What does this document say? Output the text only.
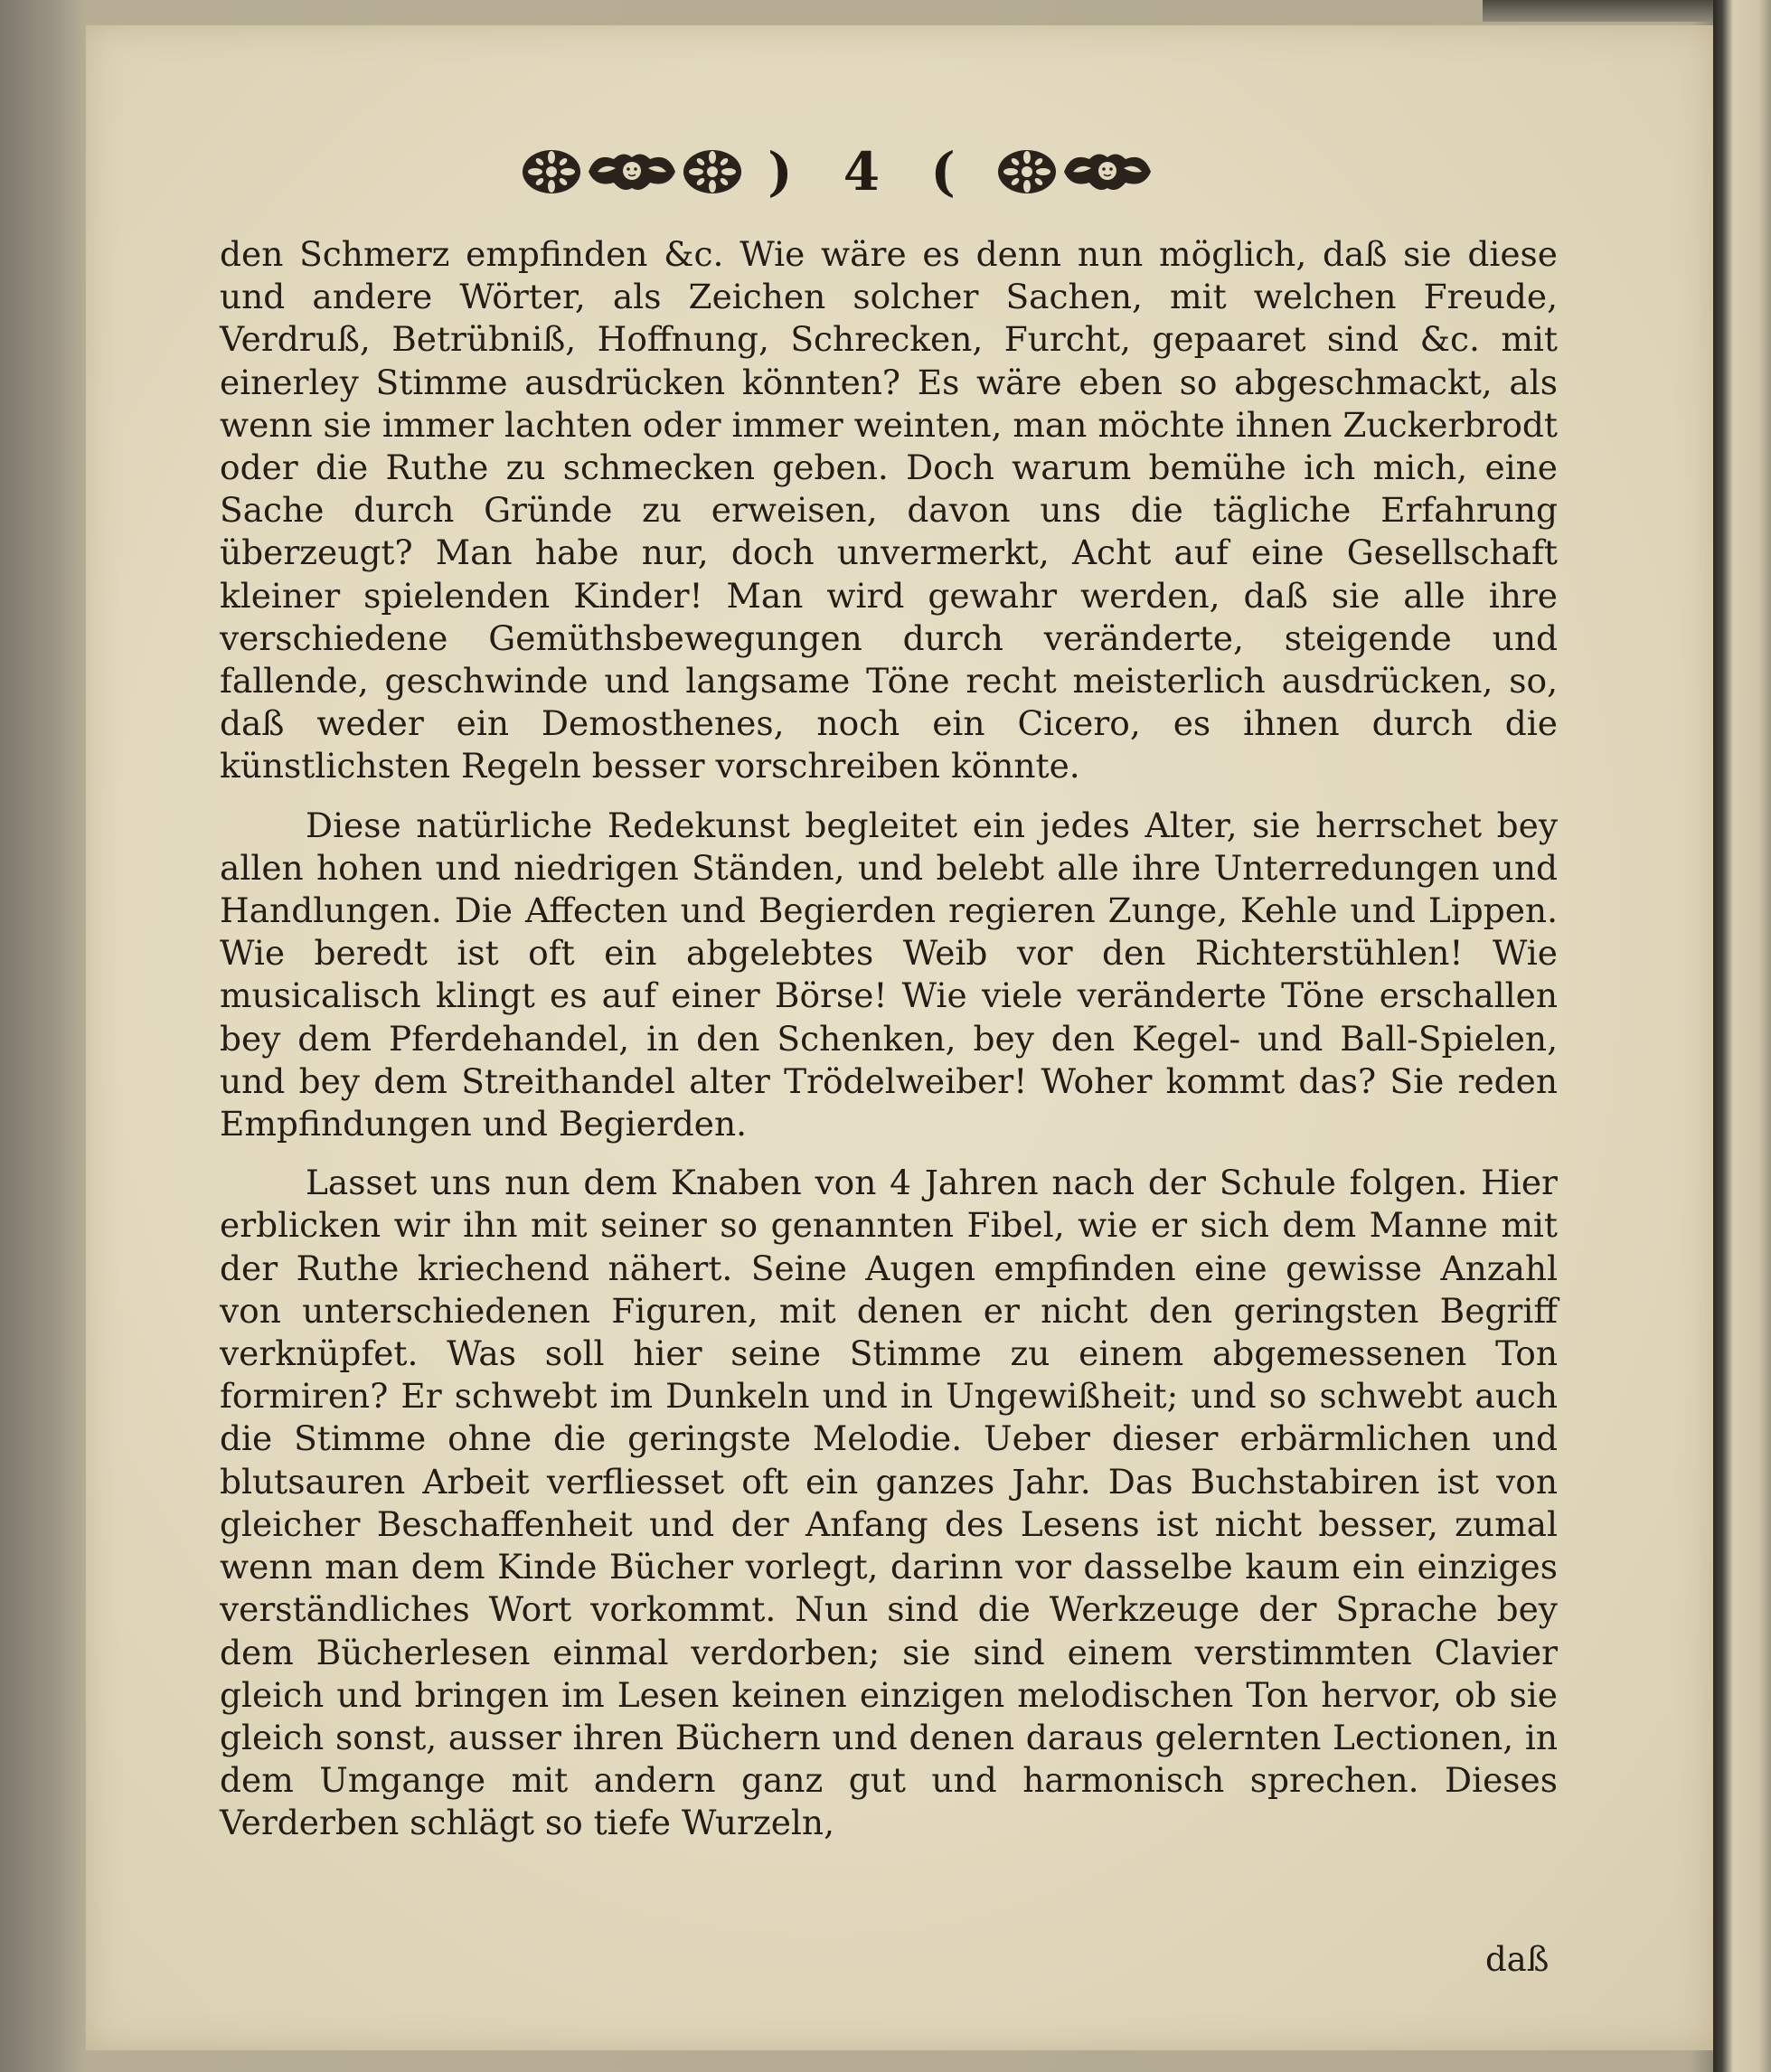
) 4 (

den Schmerz empfinden &c. Wie wäre es denn nun möglich, daß sie diese und andere Wörter, als Zeichen solcher Sachen, mit welchen Freude, Verdruß, Betrübniß, Hoffnung, Schrecken, Furcht, gepaaret sind &c. mit einerley Stimme ausdrücken könnten? Es wäre eben so abgeschmackt, als wenn sie immer lachten oder immer weinten, man möchte ihnen Zuckerbrodt oder die Ruthe zu schmecken geben. Doch warum bemühe ich mich, eine Sache durch Gründe zu erweisen, davon uns die tägliche Erfahrung überzeugt? Man habe nur, doch unvermerkt, Acht auf eine Gesellschaft kleiner spielenden Kinder! Man wird gewahr werden, daß sie alle ihre verschiedene Gemüthsbewegungen durch veränderte, steigende und fallende, geschwinde und langsame Töne recht meisterlich ausdrücken, so, daß weder ein Demosthenes, noch ein Cicero, es ihnen durch die künstlichsten Regeln besser vorschreiben könnte.

Diese natürliche Redekunst begleitet ein jedes Alter, sie herrschet bey allen hohen und niedrigen Ständen, und belebt alle ihre Unterredungen und Handlungen. Die Affecten und Begierden regieren Zunge, Kehle und Lippen. Wie beredt ist oft ein abgelebtes Weib vor den Richterstühlen! Wie musicalisch klingt es auf einer Börse! Wie viele veränderte Töne erschallen bey dem Pferdehandel, in den Schenken, bey den Kegel- und Ball-Spielen, und bey dem Streithandel alter Trödelweiber! Woher kommt das? Sie reden Empfindungen und Begierden.

Lasset uns nun dem Knaben von 4 Jahren nach der Schule folgen. Hier erblicken wir ihn mit seiner so genannten Fibel, wie er sich dem Manne mit der Ruthe kriechend nähert. Seine Augen empfinden eine gewisse Anzahl von unterschiedenen Figuren, mit denen er nicht den geringsten Begriff verknüpfet. Was soll hier seine Stimme zu einem abgemessenen Ton formiren? Er schwebt im Dunkeln und in Ungewißheit; und so schwebt auch die Stimme ohne die geringste Melodie. Ueber dieser erbärmlichen und blutsauren Arbeit verfliesset oft ein ganzes Jahr. Das Buchstabiren ist von gleicher Beschaffenheit und der Anfang des Lesens ist nicht besser, zumal wenn man dem Kinde Bücher vorlegt, darinn vor dasselbe kaum ein einziges verständliches Wort vorkommt. Nun sind die Werkzeuge der Sprache bey dem Bücherlesen einmal verdorben; sie sind einem verstimmten Clavier gleich und bringen im Lesen keinen einzigen melodischen Ton hervor, ob sie gleich sonst, ausser ihren Büchern und denen daraus gelernten Lectionen, in dem Umgange mit andern ganz gut und harmonisch sprechen. Dieses Verderben schlägt so tiefe Wurzeln,

daß
